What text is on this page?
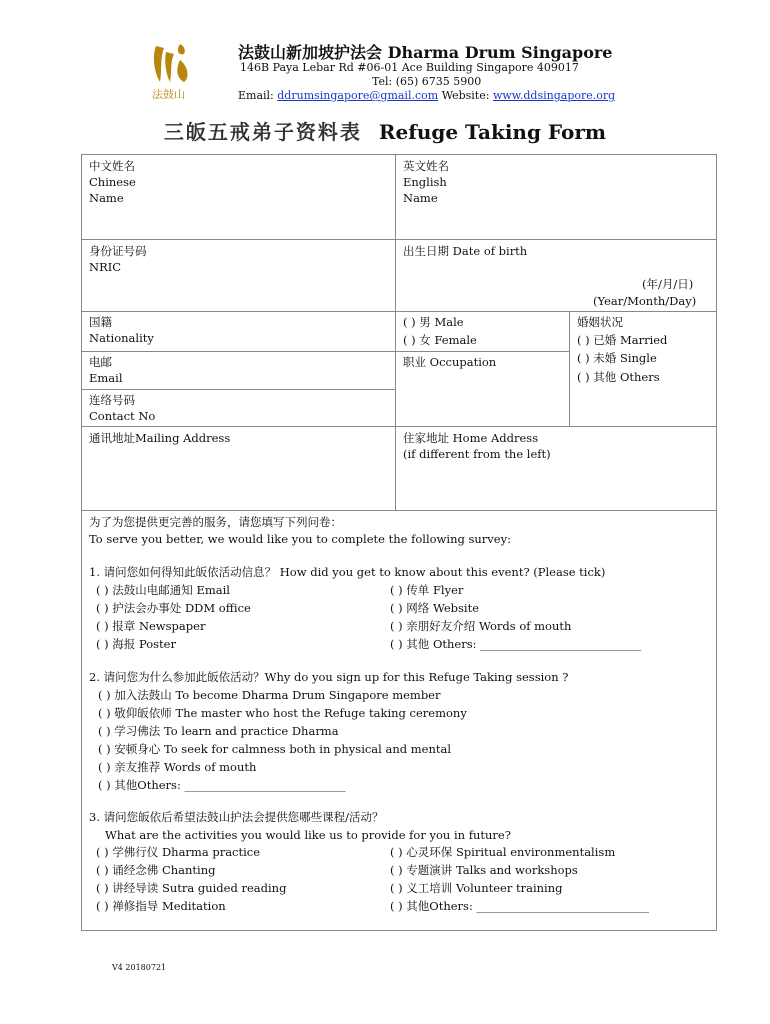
法鼓山
法鼓山新加坡护法会 Dharma Drum Singapore
146B Paya Lebar Rd #06-01 Ace Building Singapore 409017
Tel: (65) 6735 5900
Email: ddrumsingapore@gmail.com Website: www.ddsingapore.org
三皈五戒弟子资料表 Refuge Taking Form
中文姓名
Chinese
Name
英文姓名
English
Name
身份证号码
NRIC
出生日期 Date of birth
(年/月/日)
(Year/Month/Day)
国籍
Nationality
( ) 男 Male
( ) 女 Female
婚姻状况
( ) 已婚 Married
( ) 未婚 Single
( ) 其他 Others
电邮
Email
职业 Occupation
连络号码
Contact No
通讯地址Mailing Address	住家地址 Home Address
(if different from the left)
为了为您提供更完善的服务，请您填写下列问卷：
To serve you better, we would like you to complete the following survey:
1. 请问您如何得知此皈依活动信息？ How did you get to know about this event? (Please tick)
( ) 法鼓山电邮通知 Email
( ) 护法会办事处 DDM office
( ) 报章 Newspaper
( ) 海报 Poster
( ) 传单 Flyer
( ) 网络 Website
( ) 亲朋好友介绍 Words of mouth
( ) 其他 Others: ____________________________
2. 请问您为什么参加此皈依活动？Why do you sign up for this Refuge Taking session ?
( ) 加入法鼓山 To become Dharma Drum Singapore member
( ) 敬仰皈依师 The master who host the Refuge taking ceremony
( ) 学习佛法 To learn and practice Dharma
( ) 安顿身心 To seek for calmness both in physical and mental
( ) 亲友推荐 Words of mouth
( ) 其他Others: ____________________________
3. 请问您皈依后希望法鼓山护法会提供您哪些课程/活动？
What are the activities you would like us to provide for you in future?
( ) 学佛行仪 Dharma practice
( ) 诵经念佛 Chanting
( ) 讲经导读 Sutra guided reading
( ) 禅修指导 Meditation
( ) 心灵环保 Spiritual environmentalism
( ) 专题演讲 Talks and workshops
( ) 义工培训 Volunteer training
( ) 其他Others: ______________________________
V4 20180721
